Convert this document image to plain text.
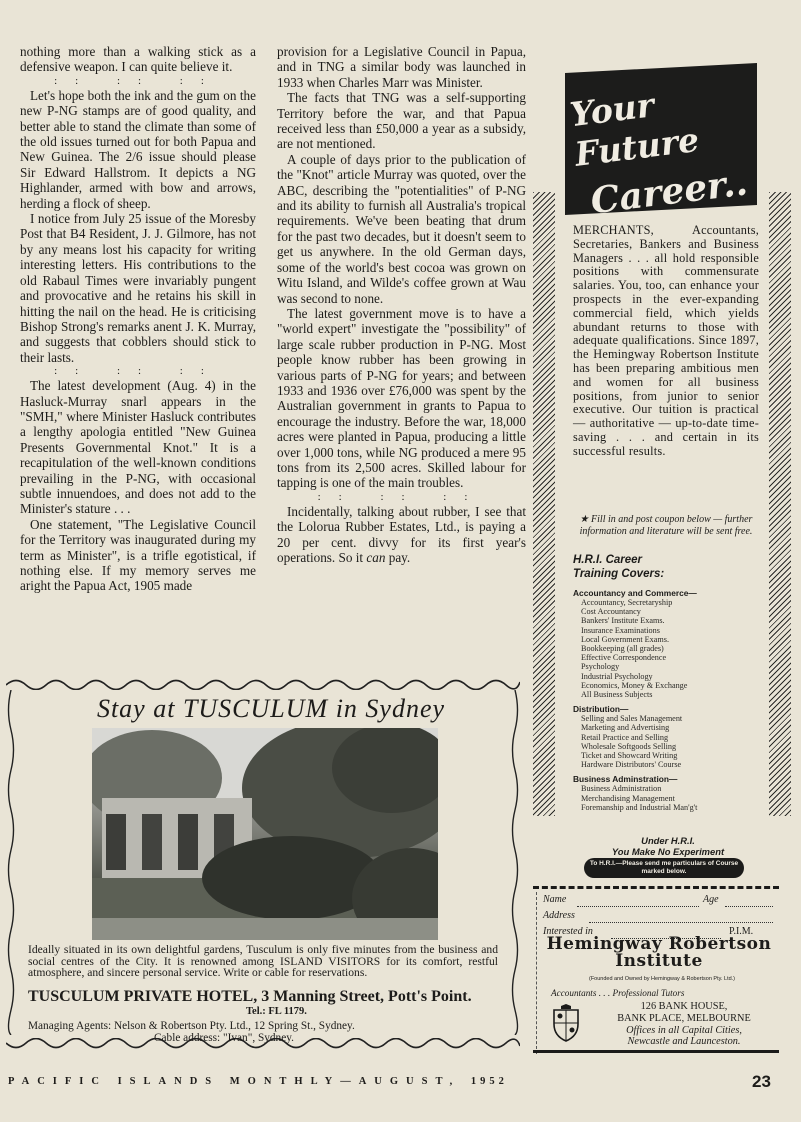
nothing more than a walking stick as a defensive weapon. I can quite believe it.

:: :: ::

Let's hope both the ink and the gum on the new P-NG stamps are of good quality, and better able to stand the climate than some of the old issues turned out for both Papua and New Guinea. The 2/6 issue should please Sir Edward Hallstrom. It depicts a NG Highlander, armed with bow and arrows, herding a flock of sheep.

I notice from July 25 issue of the Moresby Post that B4 Resident, J. J. Gilmore, has not by any means lost his capacity for writing interesting letters. His contributions to the old Rabaul Times were invariably pungent and provocative and he retains his skill in hitting the nail on the head. He is criticising Bishop Strong's remarks anent J. K. Murray, and suggests that cobblers should stick to their lasts.

:: :: ::

The latest development (Aug. 4) in the Hasluck-Murray snarl appears in the "SMH," where Minister Hasluck contributes a lengthy apologia entitled "New Guinea Presents Governmental Knot." It is a recapitulation of the well-known conditions prevailing in the P-NG, with occasional subtle innuendoes, and does not add to the Minister's stature . . .

One statement, "The Legislative Council for the Territory was inaugurated during my term as Minister", is a trifle egotistical, if nothing else. If my memory serves me aright the Papua Act, 1905 made

provision for a Legislative Council in Papua, and in TNG a similar body was launched in 1933 when Charles Marr was Minister.

The facts that TNG was a self-supporting Territory before the war, and that Papua received less than £50,000 a year as a subsidy, are not mentioned.

A couple of days prior to the publication of the "Knot" article Murray was quoted, over the ABC, describing the "potentialities" of P-NG and its ability to furnish all Australia's tropical requirements. We've been beating that drum for the past two decades, but it doesn't seem to get us anywhere. In the old German days, some of the world's best cocoa was grown on Witu Island, and Wilde's coffee grown at Wau was second to none.

The latest government move is to have a "world expert" investigate the "possibility" of large scale rubber production in P-NG. Most people know rubber has been growing in various parts of P-NG for years; and between 1933 and 1936 over £76,000 was spent by the Australian government in grants to Papua to encourage the industry. Before the war, 18,000 acres were planted in Papua, producing a little over 1,000 tons, while NG produced a mere 95 tons from its 2,500 acres. Skilled labour for tapping is one of the main troubles.

:: :: ::

Incidentally, talking about rubber, I see that the Lolorua Rubber Estates, Ltd., is paying a 20 per cent. divvy for its first year's operations. So it can pay.

Stay at TUSCULUM in Sydney
Ideally situated in its own delightful gardens, Tusculum is only five minutes from the business and social centres of the City. It is renowned among ISLAND VISITORS for its comfort, restful atmosphere, and sincere personal service. Write or cable for reservations.
TUSCULUM PRIVATE HOTEL, 3 Manning Street, Pott's Point.
Tel.: FL 1179.
Managing Agents: Nelson & Robertson Pty. Ltd., 12 Spring St., Sydney.
Cable address: "Ivan", Sydney.
Your Future
Career..
MERCHANTS, Accountants, Secretaries, Bankers and Business Managers . . . all hold responsible positions with commensurate salaries. You, too, can enhance your prospects in the ever-expanding commercial field, which yields abundant returns to those with adequate qualifications. Since 1897, the Hemingway Robertson Institute has been preparing ambitious men and women for all business positions, from junior to senior executive. Our tuition is practical — authoritative — up-to-date time-saving . . . and certain in its successful results.
★ Fill in and post coupon below — further information and literature will be sent free.
H.R.I. Career
Training Covers:
Accountancy and Commerce—
Accountancy, Secretaryship
Cost Accountancy
Bankers' Institute Exams.
Insurance Examinations
Local Government Exams.
Bookkeeping (all grades)
Effective Correspondence
Psychology
Industrial Psychology
Economics, Money & Exchange
All Business Subjects
Distribution—
Selling and Sales Management
Marketing and Advertising
Retail Practice and Selling
Wholesale Softgoods Selling
Ticket and Showcard Writing
Hardware Distributors' Course
Business Adminstration—
Business Administration
Merchandising Management
Foremanship and Industrial Man'g't
Under H.R.I.
You Make No Experiment
To H.R.I.—Please send me particulars of Course marked below.
Name	Age
Address
Interested in	P.I.M.
Hemingway Robertson
Institute
(Founded and Owned by Hemingway & Robertson Pty. Ltd.)
Accountants . . . Professional Tutors
126 BANK HOUSE,
BANK PLACE, MELBOURNE
Offices in all Capital Cities,
Newcastle and Launceston.
PACIFIC ISLANDS MONTHLY—AUGUST, 1952	23
